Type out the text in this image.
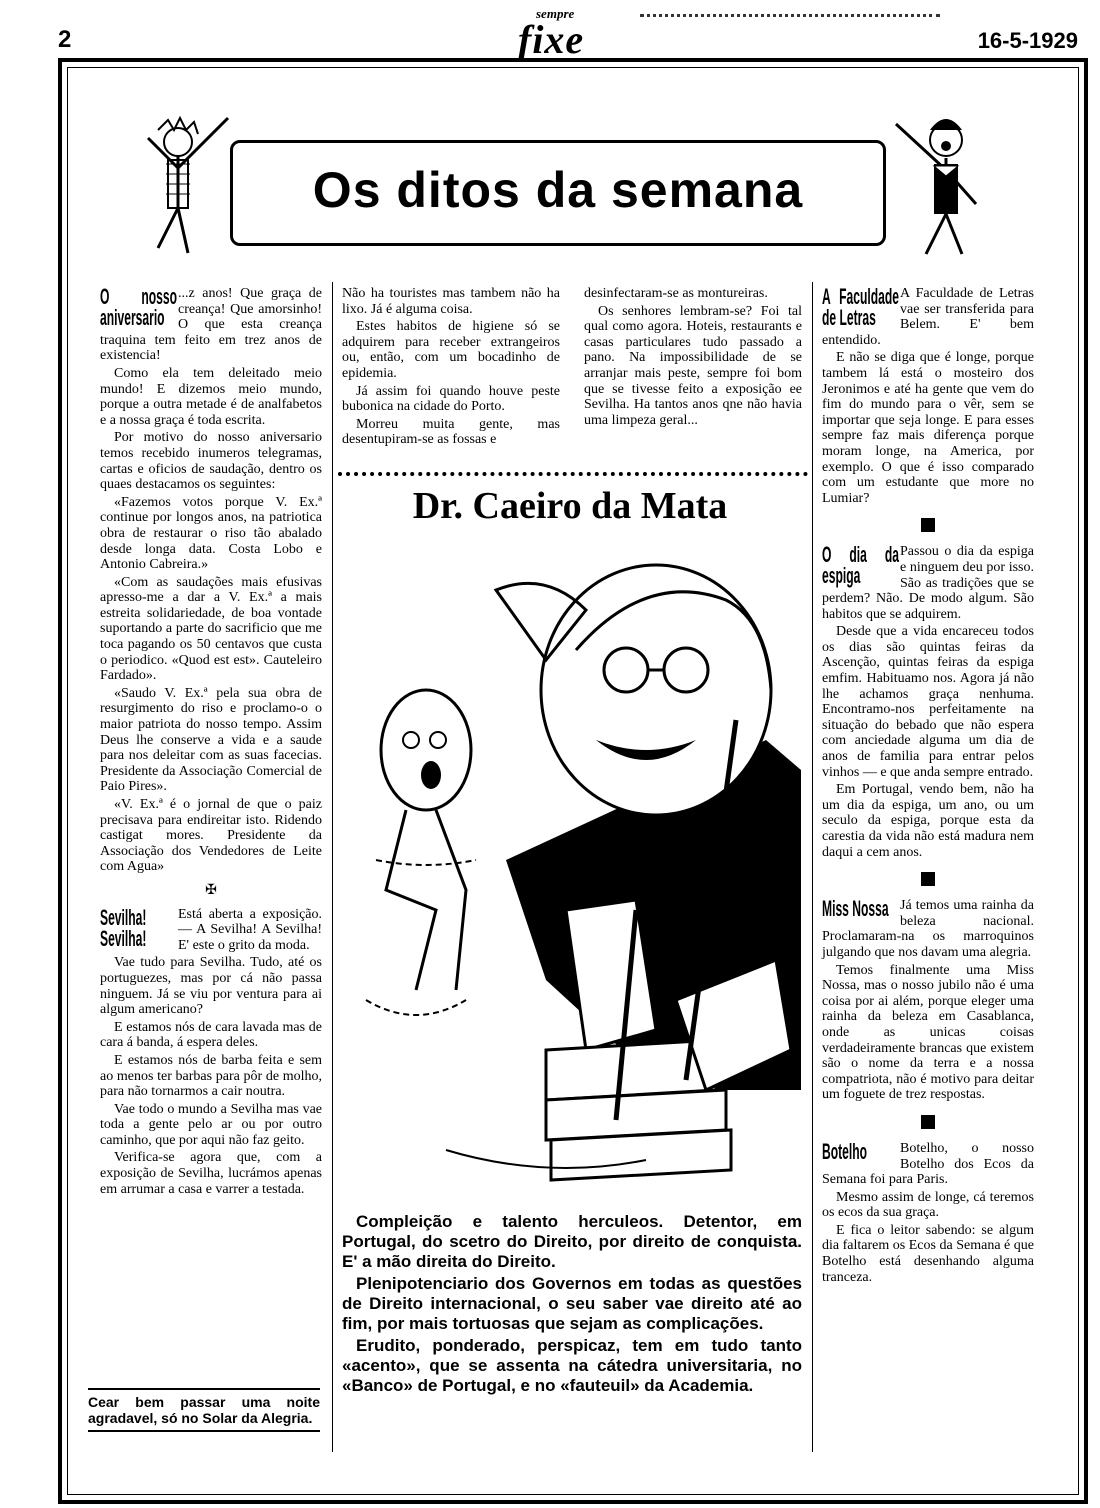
2
sempre
fixe	16-5-1929
Os ditos da semana
O nosso aniversario

...z anos! Que graça de creança! Que amorsinho! O que esta creança traquina tem feito em trez anos de existencia!

Como ela tem deleitado meio mundo! E dizemos meio mundo, porque a outra metade é de analfabetos e a nossa graça é toda escrita.

Por motivo do nosso aniversario temos recebido inumeros telegramas, cartas e oficios de saudação, dentro os quaes destacamos os seguintes:

«Fazemos votos porque V. Ex.ª continue por longos anos, na patriotica obra de restaurar o riso tão abalado desde longa data. Costa Lobo e Antonio Cabreira.»

«Com as saudações mais efusivas apresso-me a dar a V. Ex.ª a mais estreita solidariedade, de boa vontade suportando a parte do sacrificio que me toca pagando os 50 centavos que custa o periodico. «Quod est est». Cauteleiro Fardado».

«Saudo V. Ex.ª pela sua obra de resurgimento do riso e proclamo-o o maior patriota do nosso tempo. Assim Deus lhe conserve a vida e a saude para nos deleitar com as suas facecias. Presidente da Associação Comercial de Paio Pires».

«V. Ex.ª é o jornal de que o paiz precisava para endireitar isto. Ridendo castigat mores. Presidente da Associação dos Vendedores de Leite com Agua»

✠
Sevilha! Sevilha!

Está aberta a exposição. — A Sevilha! A Sevilha! E' este o grito da moda.

Vae tudo para Sevilha. Tudo, até os portuguezes, mas por cá não passa ninguem. Já se viu por ventura para ai algum americano?

E estamos nós de cara lavada mas de cara á banda, á espera deles.

E estamos nós de barba feita e sem ao menos ter barbas para pôr de molho, para não tornarmos a cair noutra.

Vae todo o mundo a Sevilha mas vae toda a gente pelo ar ou por outro caminho, que por aqui não faz geito.

Verifica-se agora que, com a exposição de Sevilha, lucrámos apenas em arrumar a casa e varrer a testada.

Cear bem passar uma noite agradavel, só no Solar da Alegria.

Não ha touristes mas tambem não ha lixo. Já é alguma coisa.

Estes habitos de higiene só se adquirem para receber extrangeiros ou, então, com um bocadinho de epidemia.

Já assim foi quando houve peste bubonica na cidade do Porto.

Morreu muita gente, mas desentupiram-se as fossas e

desinfectaram-se as montureiras.

Os senhores lembram-se? Foi tal qual como agora. Hoteis, restaurants e casas particulares tudo passado a pano. Na impossibilidade de se arranjar mais peste, sempre foi bom que se tivesse feito a exposição ee Sevilha. Ha tantos anos qne não havia uma limpeza geral...

Dr. Caeiro da Mata

Compleição e talento herculeos. Detentor, em Portugal, do scetro do Direito, por direito de conquista. E' a mão direita do Direito.

Plenipotenciario dos Governos em todas as questões de Direito internacional, o seu saber vae direito até ao fim, por mais tortuosas que sejam as complicações.

Erudito, ponderado, perspicaz, tem em tudo tanto «acento», que se assenta na cátedra universitaria, no «Banco» de Portugal, e no «fauteuil» da Academia.

A Faculdade de Letras

A Faculdade de Letras vae ser transferida para Belem. E' bem entendido.

E não se diga que é longe, porque tambem lá está o mosteiro dos Jeronimos e até ha gente que vem do fim do mundo para o vêr, sem se importar que seja longe. E para esses sempre faz mais diferença porque moram longe, na America, por exemplo. O que é isso comparado com um estudante que more no Lumiar?

O dia da espiga

Passou o dia da espiga e ninguem deu por isso. São as tradições que se perdem? Não. De modo algum. São habitos que se adquirem.

Desde que a vida encareceu todos os dias são quintas feiras da Ascenção, quintas feiras da espiga emfim. Habituamo nos. Agora já não lhe achamos graça nenhuma. Encontramo-nos perfeitamente na situação do bebado que não espera com anciedade alguma um dia de anos de familia para entrar pelos vinhos — e que anda sempre entrado.

Em Portugal, vendo bem, não ha um dia da espiga, um ano, ou um seculo da espiga, porque esta da carestia da vida não está madura nem daqui a cem anos.

Miss Nossa Já temos uma rainha da beleza nacional. Proclamaram-na os marroquinos julgando que nos davam uma alegria.

Temos finalmente uma Miss Nossa, mas o nosso jubilo não é uma coisa por ai além, porque eleger uma rainha da beleza em Casablanca, onde as unicas coisas verdadeiramente brancas que existem são o nome da terra e a nossa compatriota, não é motivo para deitar um foguete de trez respostas.

Botelho	Botelho, o nosso Botelho dos Ecos da Semana foi para Paris.

Mesmo assim de longe, cá teremos os ecos da sua graça.

E fica o leitor sabendo: se algum dia faltarem os Ecos da Semana é que Botelho está desenhando alguma tranceza.
